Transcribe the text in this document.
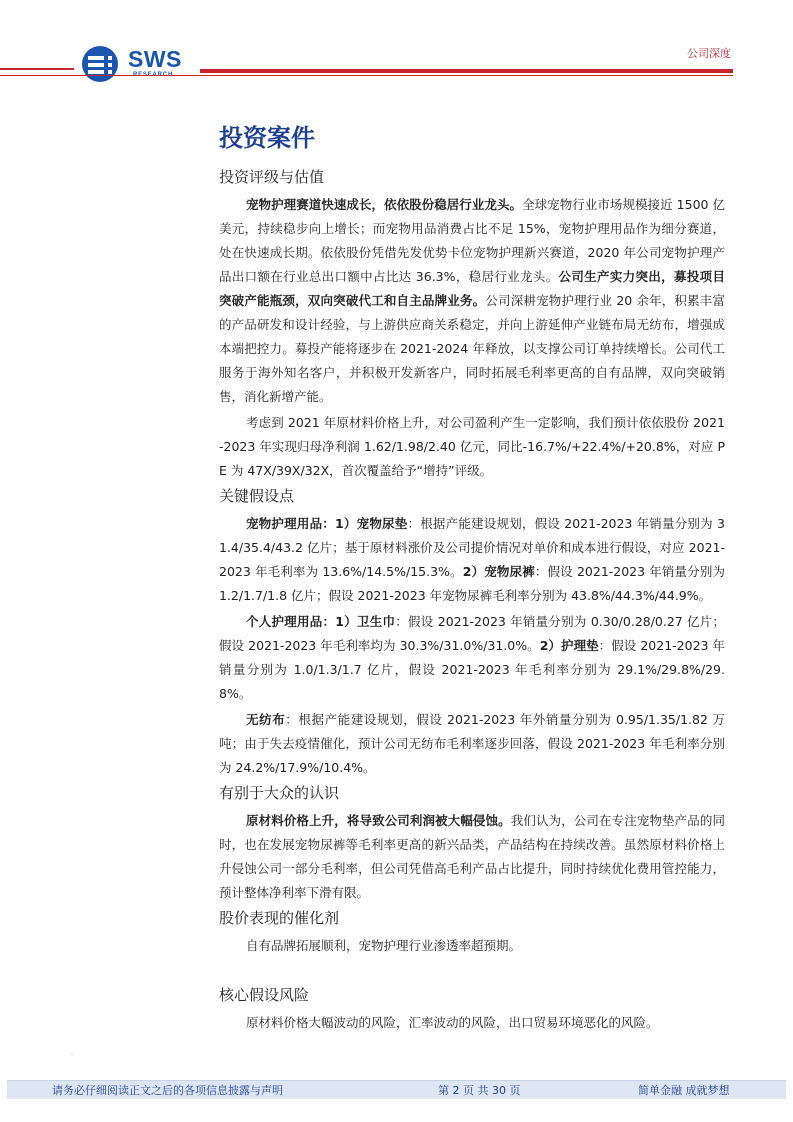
SWS	公司深度
投资案件
投资评级与估值

宠物护理赛道快速成长，依依股份稳居行业龙头。全球宠物行业市场规模接近 1500 亿美元，持续稳步向上增长；而宠物用品消费占比不足 15%，宠物护理用品作为细分赛道，处在快速成长期。依依股份凭借先发优势卡位宠物护理新兴赛道，2020 年公司宠物护理产品出口额在行业总出口额中占比达 36.3%，稳居行业龙头。公司生产实力突出，募投项目突破产能瓶颈，双向突破代工和自主品牌业务。公司深耕宠物护理行业 20 余年，积累丰富的产品研发和设计经验，与上游供应商关系稳定，并向上游延伸产业链布局无纺布，增强成本端把控力。募投产能将逐步在 2021-2024 年释放，以支撑公司订单持续增长。公司代工服务于海外知名客户，并积极开发新客户，同时拓展毛利率更高的自有品牌，双向突破销售，消化新增产能。

考虑到 2021 年原材料价格上升，对公司盈利产生一定影响，我们预计依依股份 2021-2023 年实现归母净利润 1.62/1.98/2.40 亿元，同比-16.7%/+22.4%/+20.8%，对应 PE 为 47X/39X/32X，首次覆盖给予“增持”评级。

关键假设点

宠物护理用品：1）宠物尿垫：根据产能建设规划，假设 2021-2023 年销量分别为 31.4/35.4/43.2 亿片；基于原材料涨价及公司提价情况对单价和成本进行假设，对应 2021-2023 年毛利率为 13.6%/14.5%/15.3%。2）宠物尿裤：假设 2021-2023 年销量分别为 1.2/1.7/1.8 亿片；假设 2021-2023 年宠物尿裤毛利率分别为 43.8%/44.3%/44.9%。

个人护理用品：1）卫生巾：假设 2021-2023 年销量分别为 0.30/0.28/0.27 亿片；假设 2021-2023 年毛利率均为 30.3%/31.0%/31.0%。2）护理垫：假设 2021-2023 年销量分别为 1.0/1.3/1.7 亿片，假设 2021-2023 年毛利率分别为 29.1%/29.8%/29.8%。

无纺布：根据产能建设规划，假设 2021-2023 年外销量分别为 0.95/1.35/1.82 万吨；由于失去疫情催化，预计公司无纺布毛利率逐步回落，假设 2021-2023 年毛利率分别为 24.2%/17.9%/10.4%。

有别于大众的认识

原材料价格上升，将导致公司利润被大幅侵蚀。我们认为，公司在专注宠物垫产品的同时，也在发展宠物尿裤等毛利率更高的新兴品类，产品结构在持续改善。虽然原材料价格上升侵蚀公司一部分毛利率，但公司凭借高毛利产品占比提升，同时持续优化费用管控能力，预计整体净利率下滑有限。

股价表现的催化剂

自有品牌拓展顺利，宠物护理行业渗透率超预期。

核心假设风险

原材料价格大幅波动的风险，汇率波动的风险，出口贸易环境恶化的风险。

◦
请务必仔细阅读正文之后的各项信息披露与声明	第 2 页 共 30 页	简单金融 成就梦想
